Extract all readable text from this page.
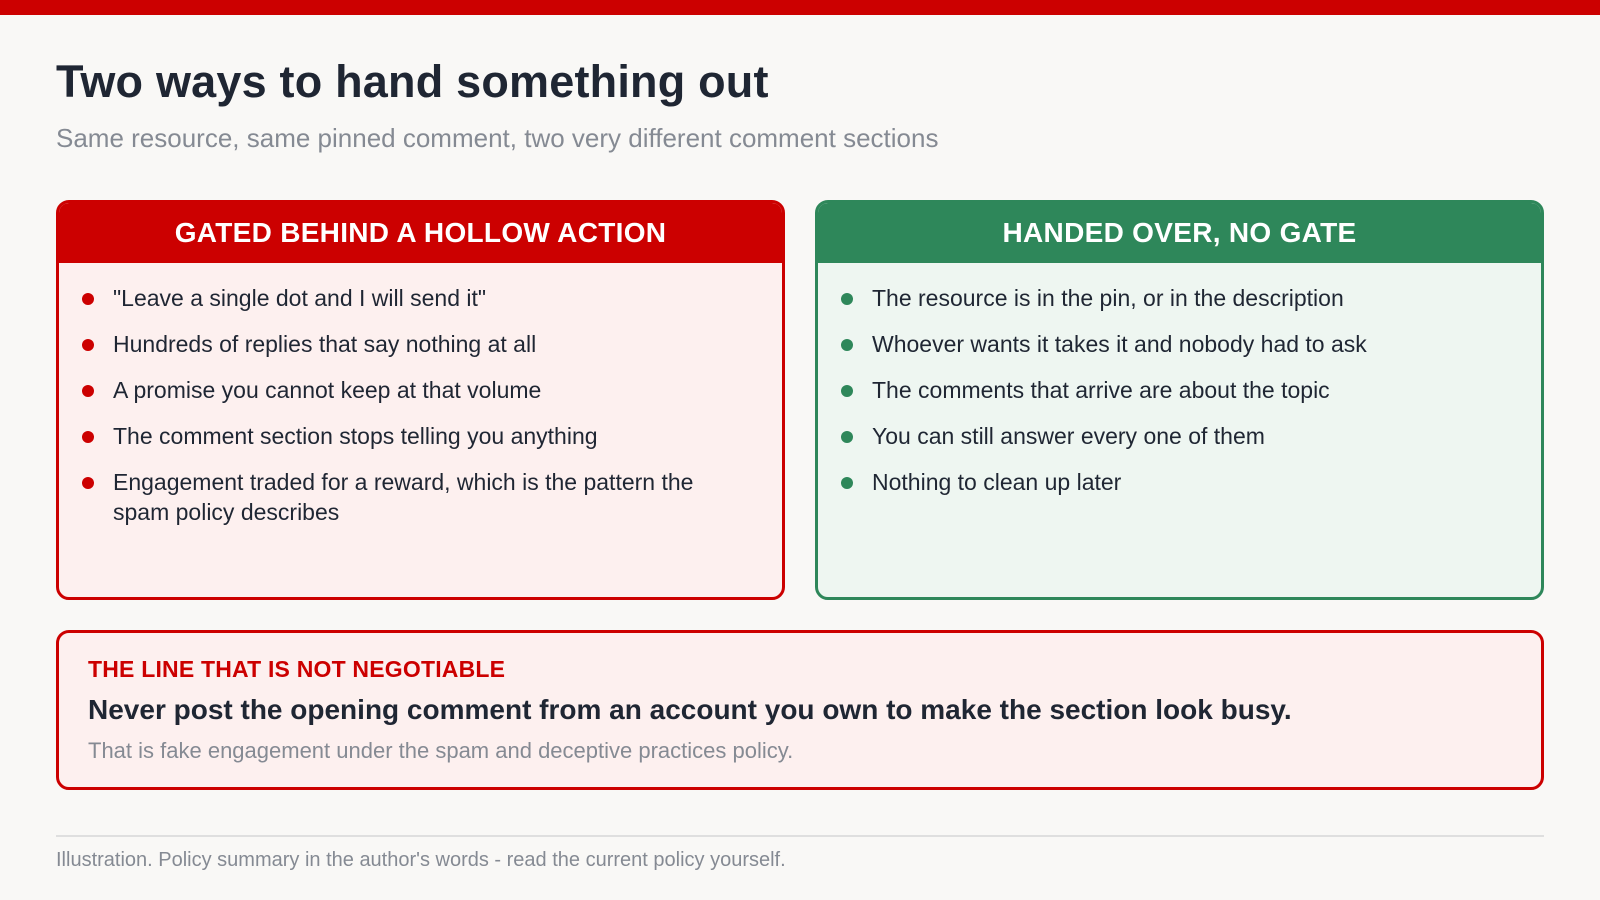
Two ways to hand something out

Same resource, same pinned comment, two very different comment sections

GATED BEHIND A HOLLOW ACTION
"Leave a single dot and I will send it"
Hundreds of replies that say nothing at all
A promise you cannot keep at that volume
The comment section stops telling you anything
Engagement traded for a reward, which is the pattern the spam policy describes
HANDED OVER, NO GATE
The resource is in the pin, or in the description
Whoever wants it takes it and nobody had to ask
The comments that arrive are about the topic
You can still answer every one of them
Nothing to clean up later

THE LINE THAT IS NOT NEGOTIABLE

Never post the opening comment from an account you own to make the section look busy.

That is fake engagement under the spam and deceptive practices policy.

Illustration. Policy summary in the author's words - read the current policy yourself.
